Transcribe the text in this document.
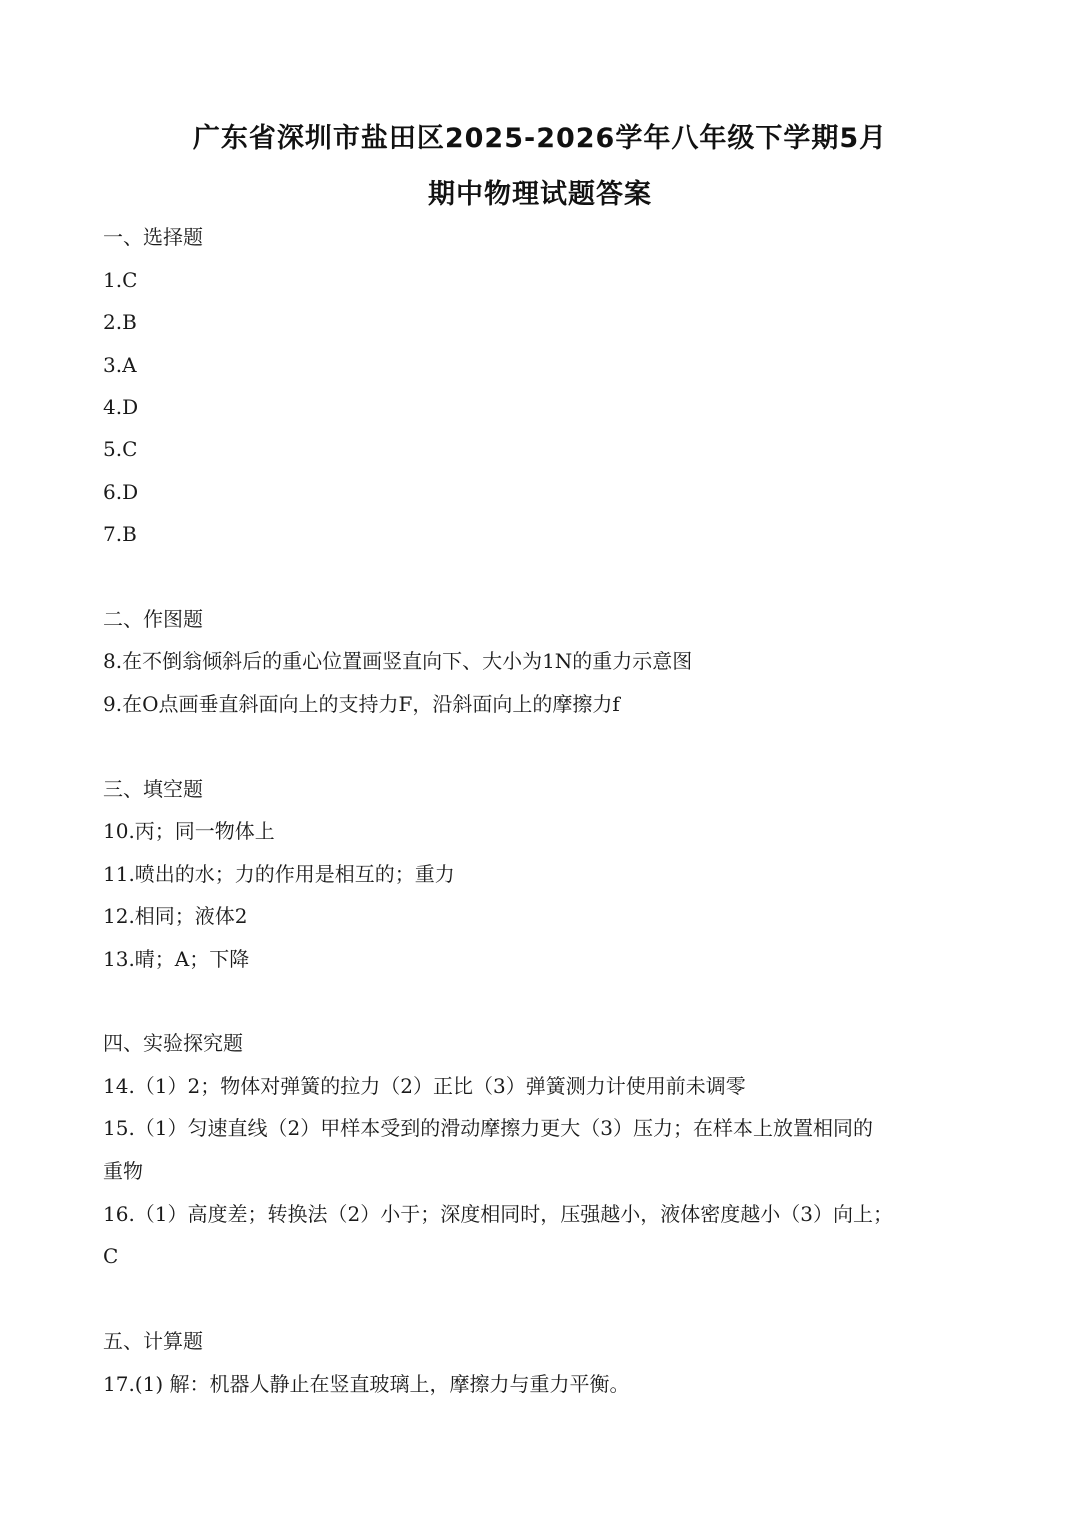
广东省深圳市盐田区2025-2026学年八年级下学期5月
期中物理试题答案
一、选择题
1.C
2.B
3.A
4.D
5.C
6.D
7.B
二、作图题
8.在不倒翁倾斜后的重心位置画竖直向下、大小为1N的重力示意图
9.在O点画垂直斜面向上的支持力F，沿斜面向上的摩擦力f
三、填空题
10.丙；同一物体上
11.喷出的水；力的作用是相互的；重力
12.相同；液体2
13.晴；A；下降
四、实验探究题
14.（1）2；物体对弹簧的拉力（2）正比（3）弹簧测力计使用前未调零
15.（1）匀速直线（2）甲样本受到的滑动摩擦力更大（3）压力；在样本上放置相同的
重物
16.（1）高度差；转换法（2）小于；深度相同时，压强越小，液体密度越小（3）向上；
C
五、计算题
17.(1) 解：机器人静止在竖直玻璃上，摩擦力与重力平衡。
